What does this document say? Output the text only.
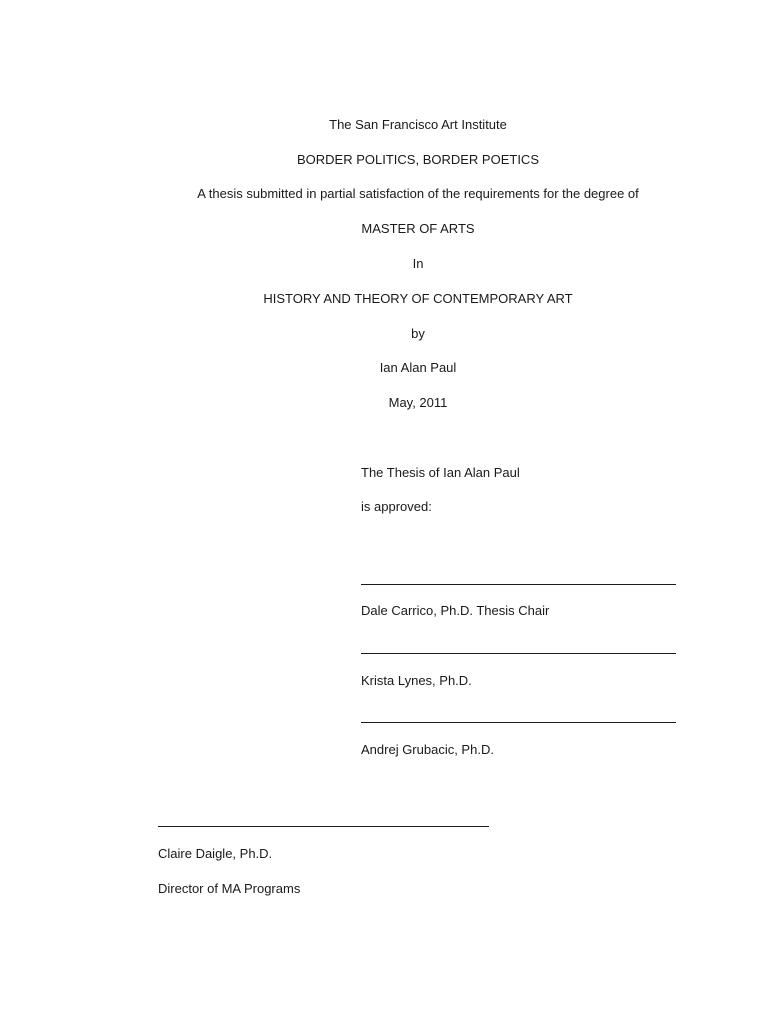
The San Francisco Art Institute
BORDER POLITICS, BORDER POETICS
A thesis submitted in partial satisfaction of the requirements for the degree of
MASTER OF ARTS
In
HISTORY AND THEORY OF CONTEMPORARY ART
by
Ian Alan Paul
May, 2011
The Thesis of Ian Alan Paul
is approved:
Dale Carrico, Ph.D. Thesis Chair
Krista Lynes, Ph.D.
Andrej Grubacic, Ph.D.
Claire Daigle, Ph.D.
Director of MA Programs
